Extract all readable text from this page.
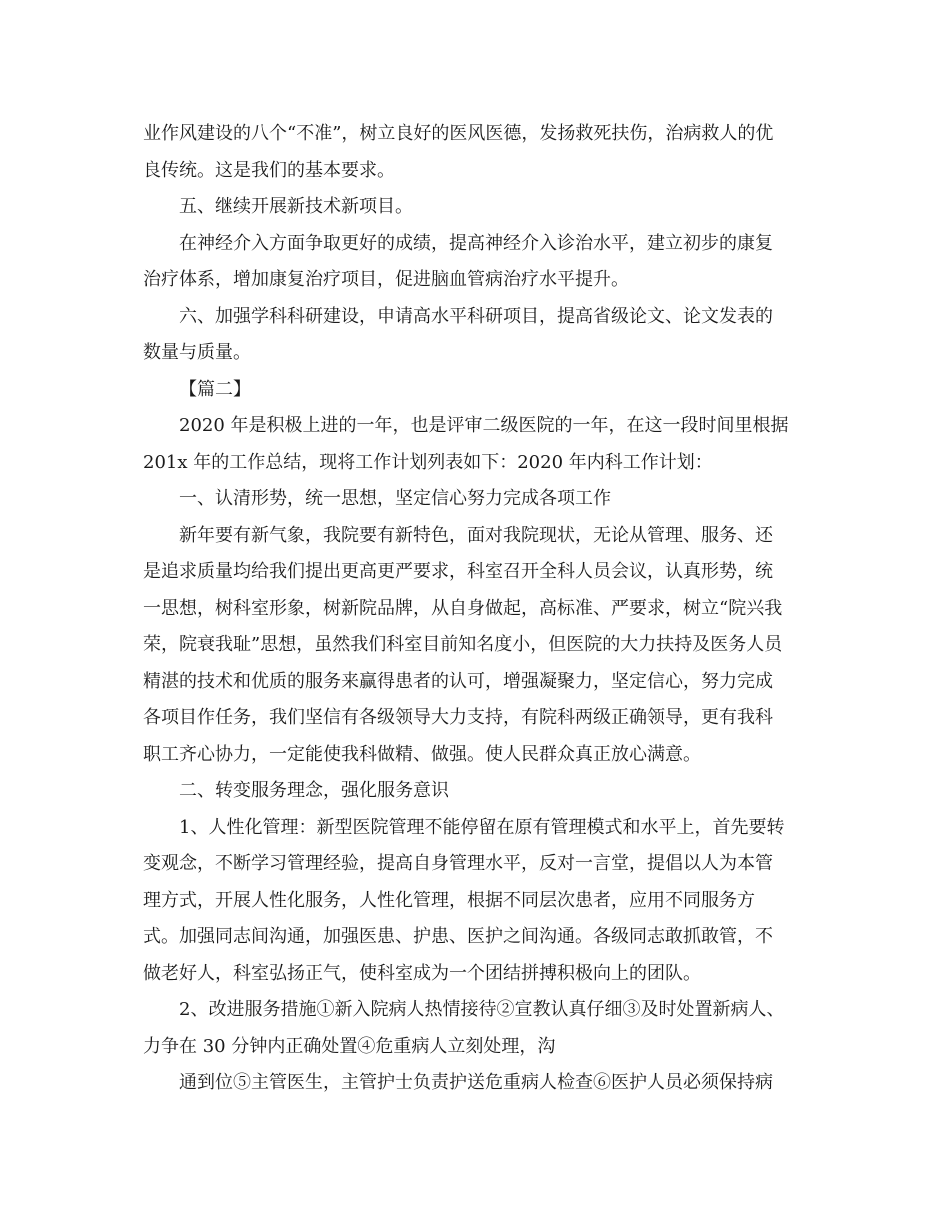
业作风建设的八个“不准”，树立良好的医风医德，发扬救死扶伤，治病救人的优
良传统。这是我们的基本要求。
五、继续开展新技术新项目。
在神经介入方面争取更好的成绩，提高神经介入诊治水平，建立初步的康复
治疗体系，增加康复治疗项目，促进脑血管病治疗水平提升。
六、加强学科科研建设，申请高水平科研项目，提高省级论文、论文发表的
数量与质量。
【篇二】
2020 年是积极上进的一年，也是评审二级医院的一年，在这一段时间里根据
201x 年的工作总结，现将工作计划列表如下：2020 年内科工作计划：
一、认清形势，统一思想，坚定信心努力完成各项工作
新年要有新气象，我院要有新特色，面对我院现状，无论从管理、服务、还
是追求质量均给我们提出更高更严要求，科室召开全科人员会议，认真形势，统
一思想，树科室形象，树新院品牌，从自身做起，高标准、严要求，树立“院兴我
荣，院衰我耻”思想，虽然我们科室目前知名度小，但医院的大力扶持及医务人员
精湛的技术和优质的服务来赢得患者的认可，增强凝聚力，坚定信心，努力完成
各项目作任务，我们坚信有各级领导大力支持，有院科两级正确领导，更有我科
职工齐心协力，一定能使我科做精、做强。使人民群众真正放心满意。
二、转变服务理念，强化服务意识
1、人性化管理：新型医院管理不能停留在原有管理模式和水平上，首先要转
变观念，不断学习管理经验，提高自身管理水平，反对一言堂，提倡以人为本管
理方式，开展人性化服务，人性化管理，根据不同层次患者，应用不同服务方
式。加强同志间沟通，加强医患、护患、医护之间沟通。各级同志敢抓敢管，不
做老好人，科室弘扬正气，使科室成为一个团结拼搏积极向上的团队。
2、改进服务措施①新入院病人热情接待②宣教认真仔细③及时处置新病人、
力争在 30 分钟内正确处置④危重病人立刻处理，沟
通到位⑤主管医生，主管护士负责护送危重病人检查⑥医护人员必须保持病
